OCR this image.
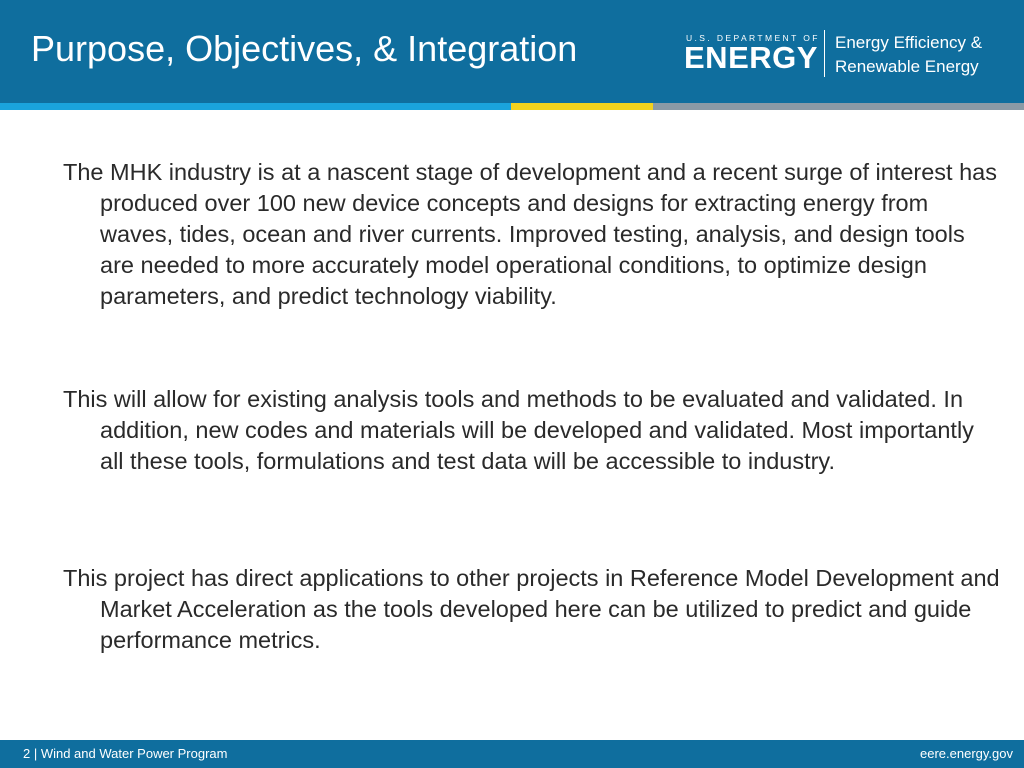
Purpose, Objectives, & Integration	U.S. DEPARTMENT OF
ENERGY Energy Efficiency &
Renewable Energy

The MHK industry is at a nascent stage of development and a recent surge of interest has produced over 100 new device concepts and designs for extracting energy from waves, tides, ocean and river currents. Improved testing, analysis, and design tools are needed to more accurately model operational conditions, to optimize design parameters, and predict technology viability.

This will allow for existing analysis tools and methods to be evaluated and validated. In addition, new codes and materials will be developed and validated. Most importantly all these tools, formulations and test data will be accessible to industry.

This project has direct applications to other projects in Reference Model Development and Market Acceleration as the tools developed here can be utilized to predict and guide performance metrics.

2 | Wind and Water Power Program	eere.energy.gov
